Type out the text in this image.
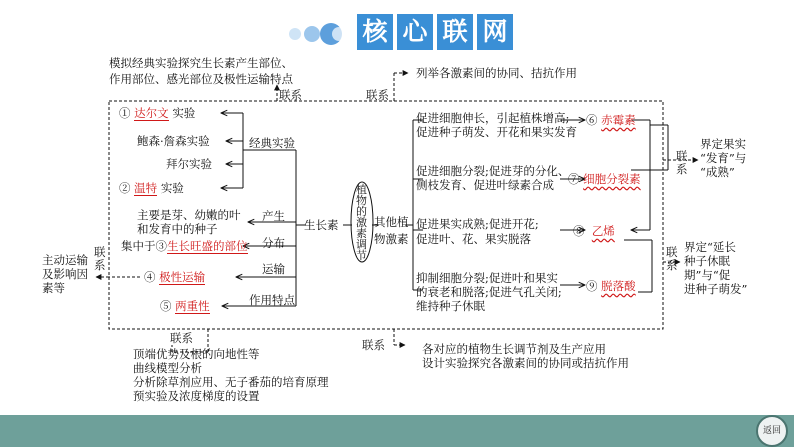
核 心 联 网
模拟经典实验探究生长素产生部位、
作用部位、感光部位及极性运输特点	列举各激素间的协同、拮抗作用
联系	联系
① 达尔文 实验
鲍森·詹森实验
拜尔实验
② 温特 实验
经典实验
主要是芽、幼嫩的叶
和发育中的种子
产生
集中于③生长旺盛的部位 分布
④ 极性运输
运输
⑤ 两重性	作用特点
生长素
主动运输
及影响因
素等
联系
植物的激素调节
其他植物激素
促进细胞伸长，引起植株增高;
促进种子萌发、开花和果实发育
⑥ 赤霉素
促进细胞分裂;促进芽的分化、
侧枝发育、促进叶绿素合成 ⑦ 细胞分裂素
促进果实成熟;促进开花;
促进叶、花、果实脱落
⑧ 乙烯
抑制细胞分裂;促进叶和果实
的衰老和脱落;促进气孔关闭;
维持种子休眠
⑨ 脱落酸
联系
界定果实
“发育”与
“成熟”
联系
界定“延长
种子休眠
期”与“促
进种子萌发”
联系
顶端优势及根的向地性等
曲线模型分析
分析除草剂应用、无子番茄的培育原理
预实验及浓度梯度的设置
联系	各对应的植物生长调节剂及生产应用
设计实验探究各激素间的协同或拮抗作用
返回
